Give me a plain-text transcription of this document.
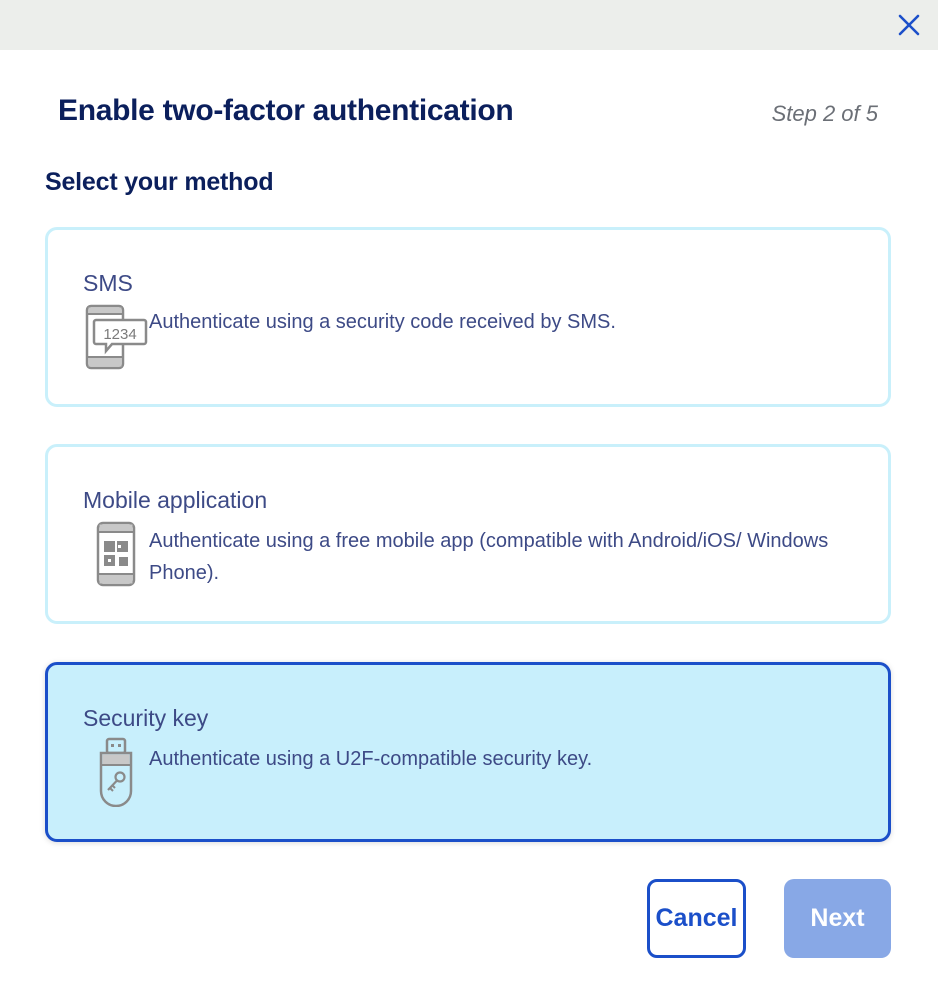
Enable two-factor authentication	Step 2 of 5
Select your method
SMS
1234
Authenticate using a security code received by SMS.
Mobile application
Authenticate using a free mobile app (compatible with Android/iOS/ Windows Phone).
Security key
Authenticate using a U2F-compatible security key.
Cancel	Next
